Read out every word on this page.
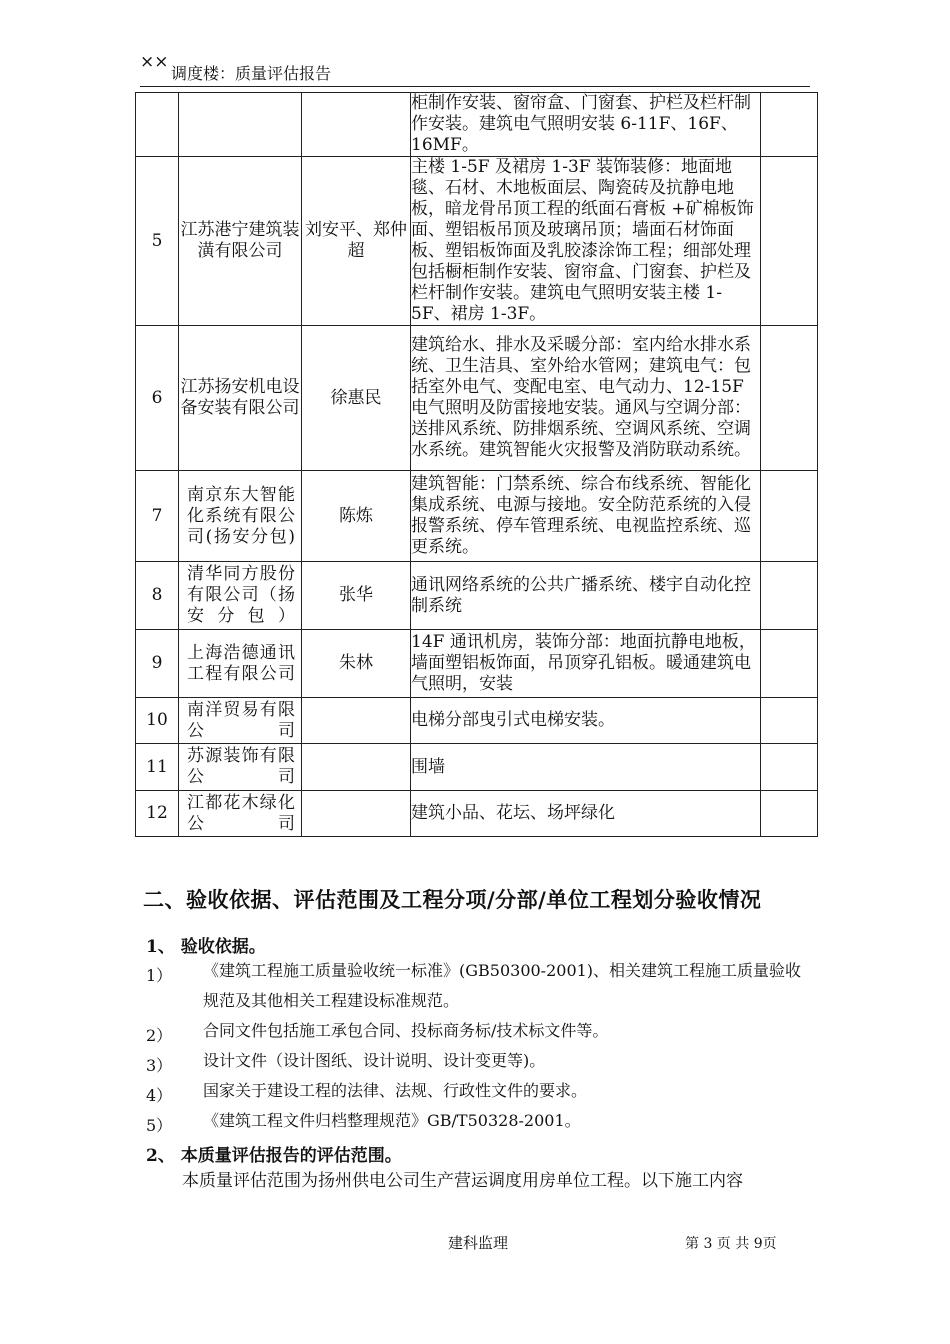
××
调度楼：质量评估报告
			柜制作安装、窗帘盒、门窗套、护栏及栏杆制作安装。建筑电气照明安装 6-11F、16F、16MF。	
5	江苏港宁建筑装潢有限公司	刘安平、郑仲超	主楼 1-5F 及裙房 1-3F 装饰装修：地面地毯、石材、木地板面层、陶瓷砖及抗静电地板，暗龙骨吊顶工程的纸面石膏板 +矿棉板饰面、塑铝板吊顶及玻璃吊顶；墙面石材饰面板、塑铝板饰面及乳胶漆涂饰工程；细部处理包括橱柜制作安装、窗帘盒、门窗套、护栏及栏杆制作安装。建筑电气照明安装主楼 1-5F、裙房 1-3F。	
6	江苏扬安机电设备安装有限公司	徐惠民	建筑给水、排水及采暖分部：室内给水排水系统、卫生洁具、室外给水管网；建筑电气：包括室外电气、变配电室、电气动力、12-15F 电气照明及防雷接地安装。通风与空调分部：送排风系统、防排烟系统、空调风系统、空调水系统。建筑智能火灾报警及消防联动系统。	
7	南京东大智能化系统有限公司(扬安分包)	陈炼	建筑智能：门禁系统、综合布线系统、智能化集成系统、电源与接地。安全防范系统的入侵报警系统、停车管理系统、电视监控系统、巡更系统。	
8	清华同方股份有限公司（扬安分包）	张华	通讯网络系统的公共广播系统、楼宇自动化控制系统	
9	上海浩德通讯工程有限公司	朱林	14F 通讯机房，装饰分部：地面抗静电地板，墙面塑铝板饰面，吊顶穿孔铝板。暖通建筑电气照明，安装	
10	南洋贸易有限公司		电梯分部曳引式电梯安装。	
11	苏源装饰有限公司		围墙	
12	江都花木绿化公司		建筑小品、花坛、场坪绿化	
二、验收依据、评估范围及工程分项/分部/单位工程划分验收情况
1、 验收依据。
1） 《建筑工程施工质量验收统一标准》(GB50300-2001)、相关建筑工程施工质量验收规范及其他相关工程建设标准规范。
2） 合同文件包括施工承包合同、投标商务标/技术标文件等。
3） 设计文件（设计图纸、设计说明、设计变更等)。
4） 国家关于建设工程的法律、法规、行政性文件的要求。
5） 《建筑工程文件归档整理规范》GB/T50328-2001。
2、 本质量评估报告的评估范围。
本质量评估范围为扬州供电公司生产营运调度用房单位工程。以下施工内容
建科监理	第 3 页 共 9页
